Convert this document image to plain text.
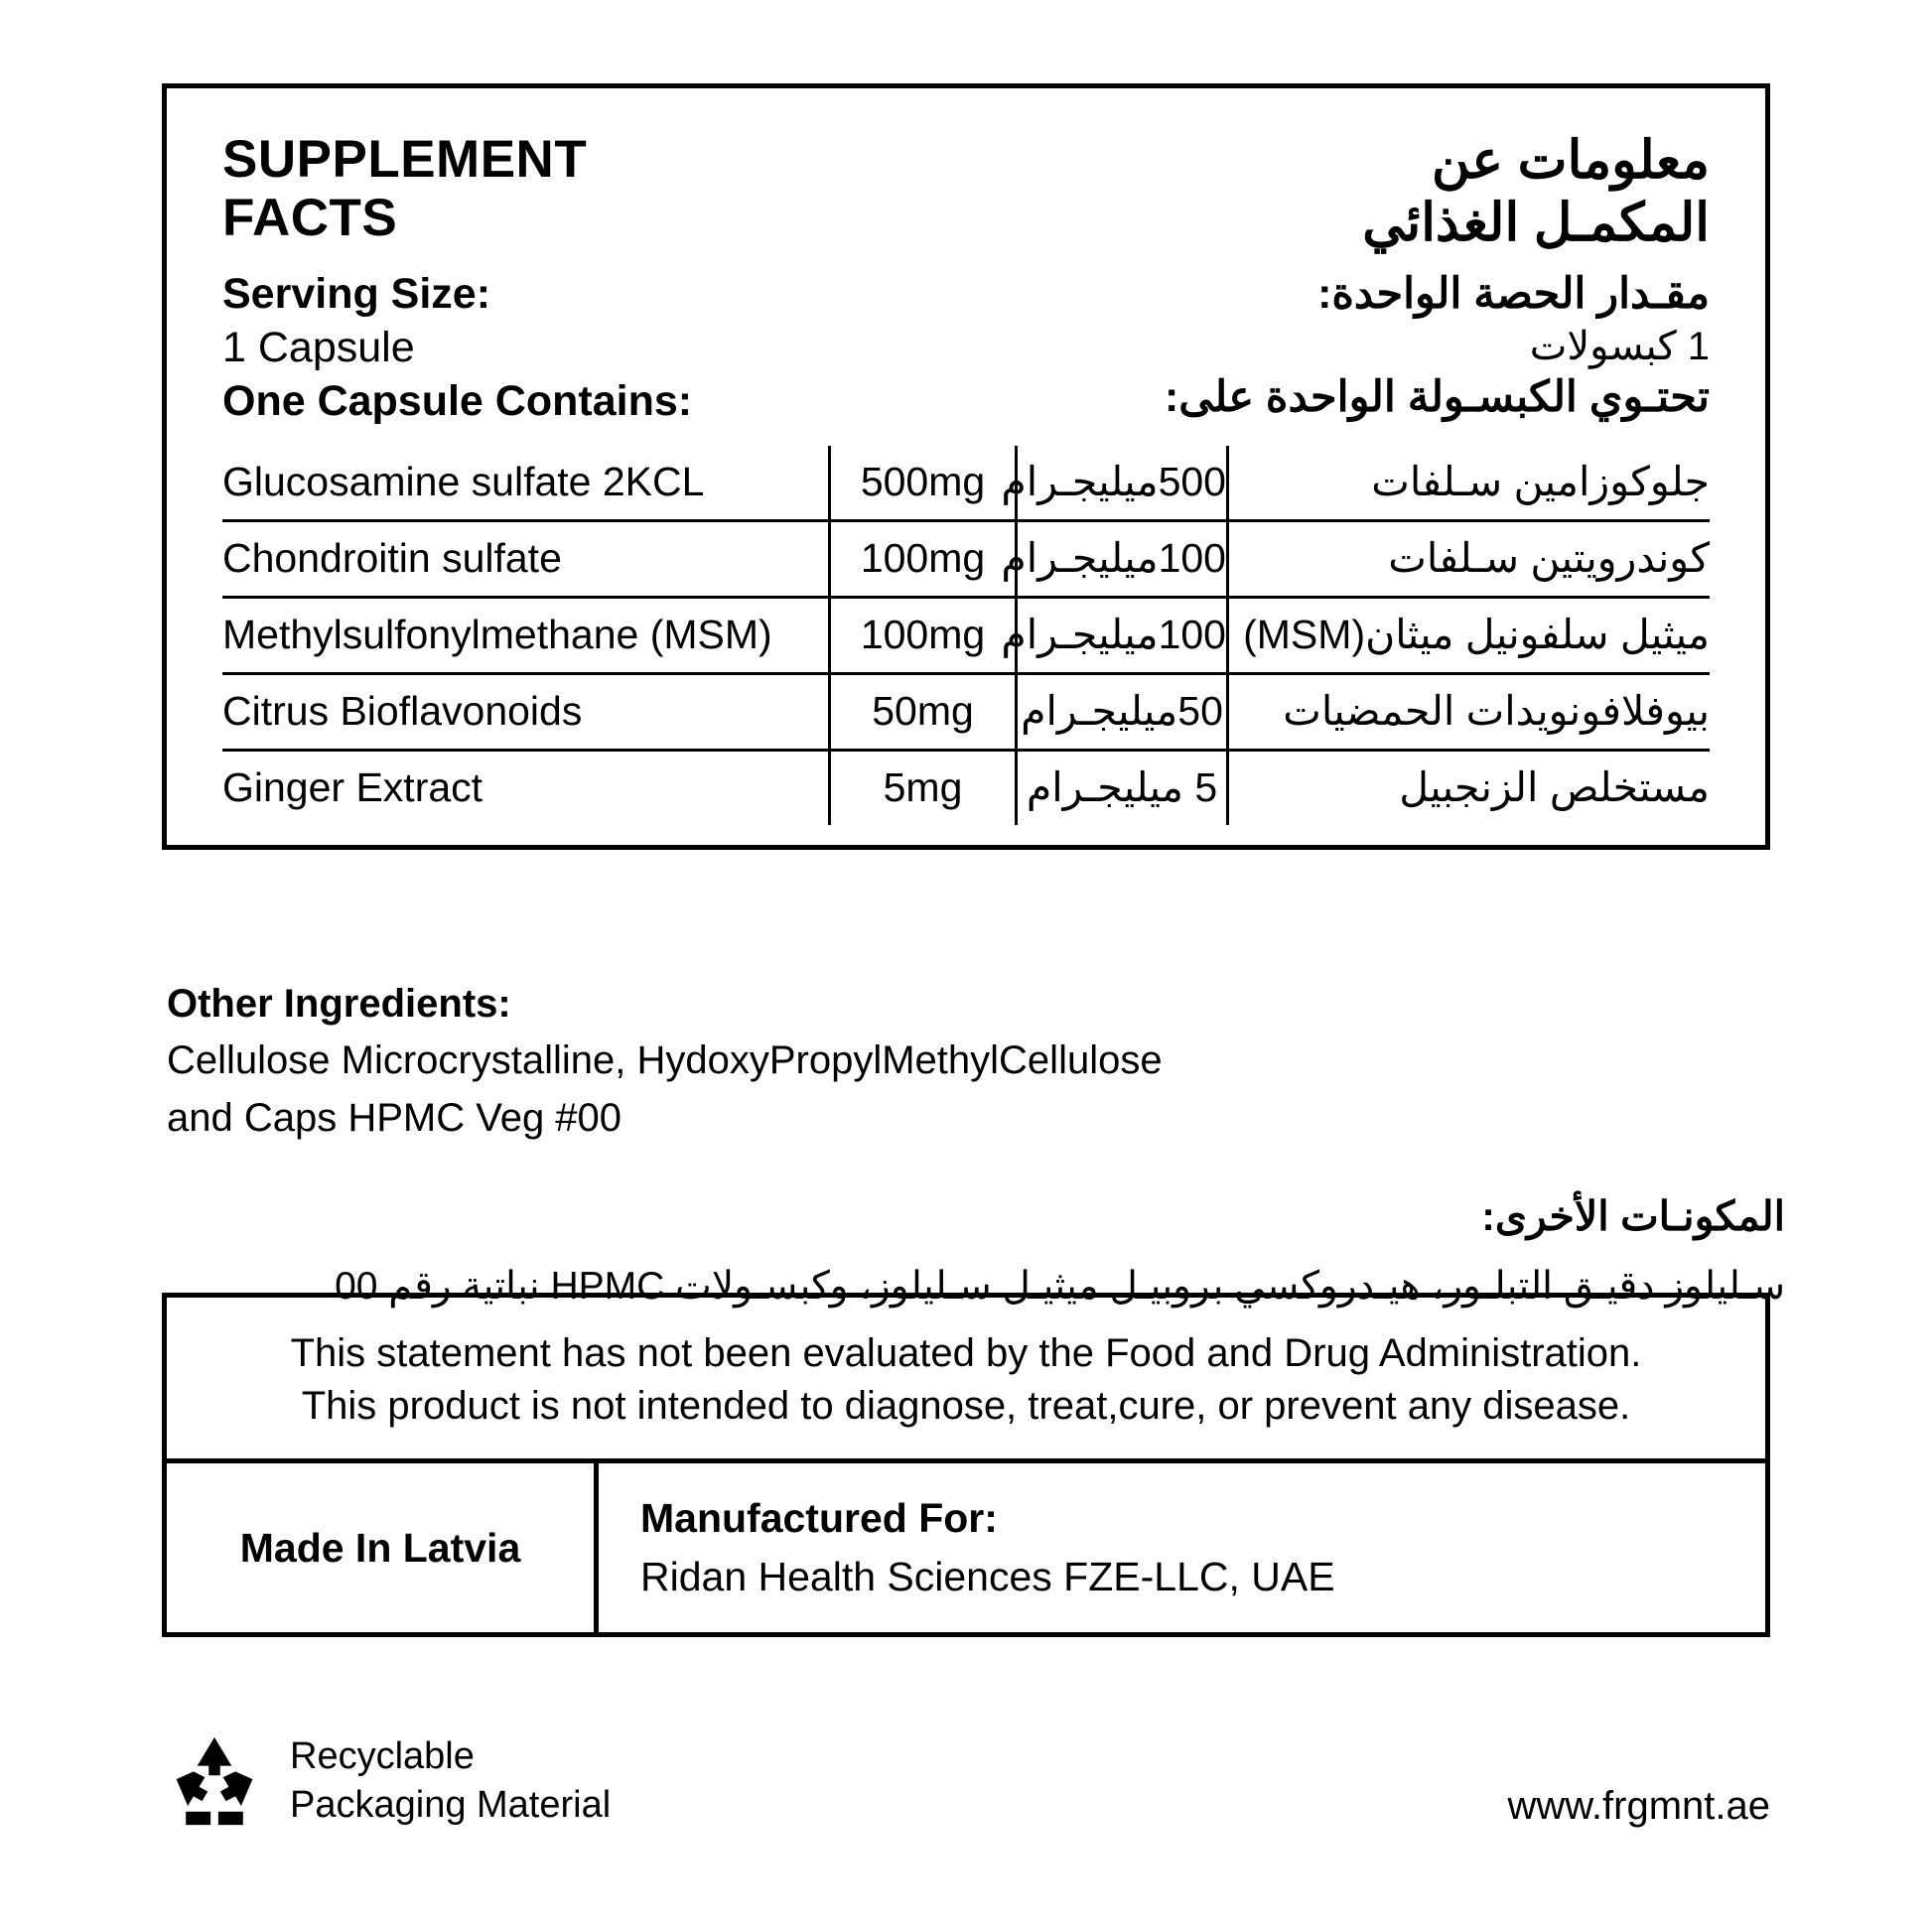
SUPPLEMENT
FACTS
معلومات عن
المكمـل الغذائي
Serving Size:
1 Capsule
One Capsule Contains:
مقـدار الحصة الواحدة:
1 كبسولات
تحتـوي الكبسـولة الواحدة على:
Glucosamine sulfate 2KCL	500mg	500ميليجـرام	جلوكوزامين سـلفات
Chondroitin sulfate	100mg	100ميليجـرام	كوندرويتين سـلفات
Methylsulfonylmethane (MSM)	100mg	100ميليجـرام	ميثيل سلفونيل ميثان(MSM)
Citrus Bioflavonoids	50mg	50ميليجـرام	بيوفلافونويدات الحمضيات
Ginger Extract	5mg	5 ميليجـرام	مستخلص الزنجبيل
Other Ingredients:
Cellulose Microcrystalline, HydoxyPropylMethylCellulose
and Caps HPMC Veg #00
المكونـات الأخرى:
سـليلوز دقيـق التبلـور، هيـدروكسي بروبيـل ميثيـل سـليلوز، وكبسـولات HPMC نباتية رقم 00
This statement has not been evaluated by the Food and Drug Administration.
This product is not intended to diagnose, treat,cure, or prevent any disease.
Made In Latvia
Manufactured For:
Ridan Health Sciences FZE-LLC, UAE
Recyclable
Packaging Material	www.frgmnt.ae
